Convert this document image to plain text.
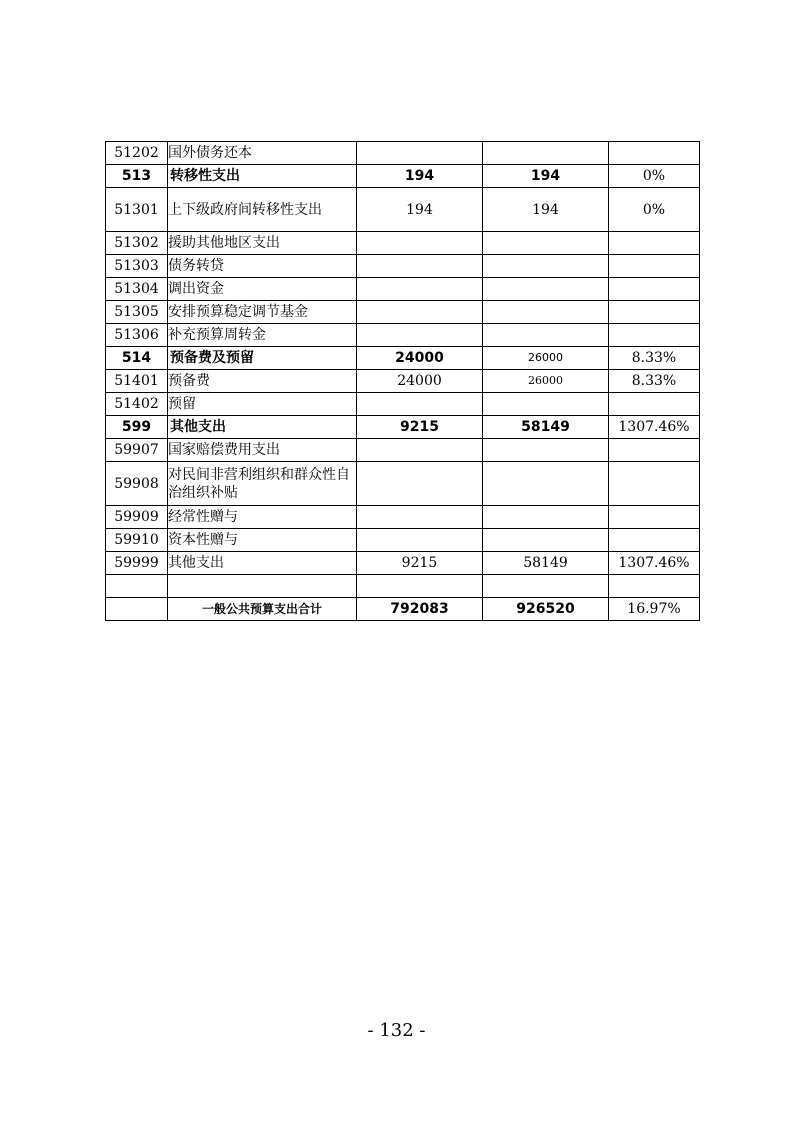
51202	国外债务还本			
513	转移性支出	194	194	0%
51301	上下级政府间转移性支出	194	194	0%
51302	援助其他地区支出			
51303	债务转贷			
51304	调出资金			
51305	安排预算稳定调节基金			
51306	补充预算周转金			
514	预备费及预留	24000	26000	8.33%
51401	预备费	24000	26000	8.33%
51402	预留			
599	其他支出	9215	58149	1307.46%
59907	国家赔偿费用支出			
59908	对民间非营利组织和群众性自治组织补贴			
59909	经常性赠与			
59910	资本性赠与			
59999	其他支出	9215	58149	1307.46%

	一般公共预算支出合计	792083	926520	16.97%
- 132 -
